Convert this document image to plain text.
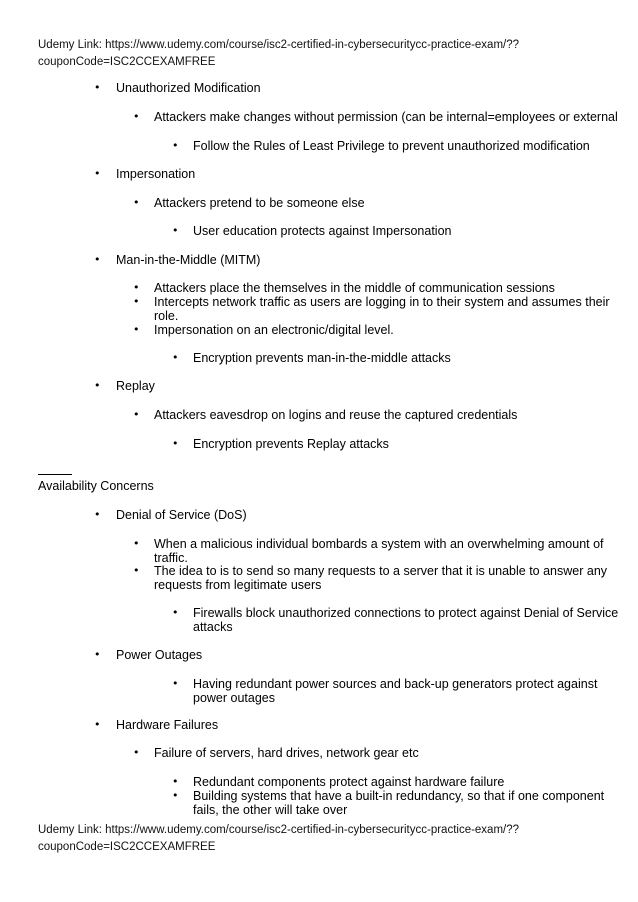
Udemy Link: https://www.udemy.com/course/isc2-certified-in-cybersecuritycc-practice-exam/??couponCode=ISC2CCEXAMFREE
• Unauthorized Modification
• Attackers make changes without permission (can be internal=employees or external
• Follow the Rules of Least Privilege to prevent unauthorized modification
• Impersonation
• Attackers pretend to be someone else
• User education protects against Impersonation
• Man-in-the-Middle (MITM)
• Attackers place the themselves in the middle of communication sessions
• Intercepts network traffic as users are logging in to their system and assumes their
role.
• Impersonation on an electronic/digital level.
• Encryption prevents man-in-the-middle attacks
• Replay
• Attackers eavesdrop on logins and reuse the captured credentials
• Encryption prevents Replay attacks
Availability Concerns
• Denial of Service (DoS)
• When a malicious individual bombards a system with an overwhelming amount of
traffic.
• The idea to is to send so many requests to a server that it is unable to answer any
requests from legitimate users
• Firewalls block unauthorized connections to protect against Denial of Service
attacks
• Power Outages
• Having redundant power sources and back-up generators protect against
power outages
• Hardware Failures
• Failure of servers, hard drives, network gear etc
• Redundant components protect against hardware failure
• Building systems that have a built-in redundancy, so that if one component
fails, the other will take over
Udemy Link: https://www.udemy.com/course/isc2-certified-in-cybersecuritycc-practice-exam/??couponCode=ISC2CCEXAMFREE
